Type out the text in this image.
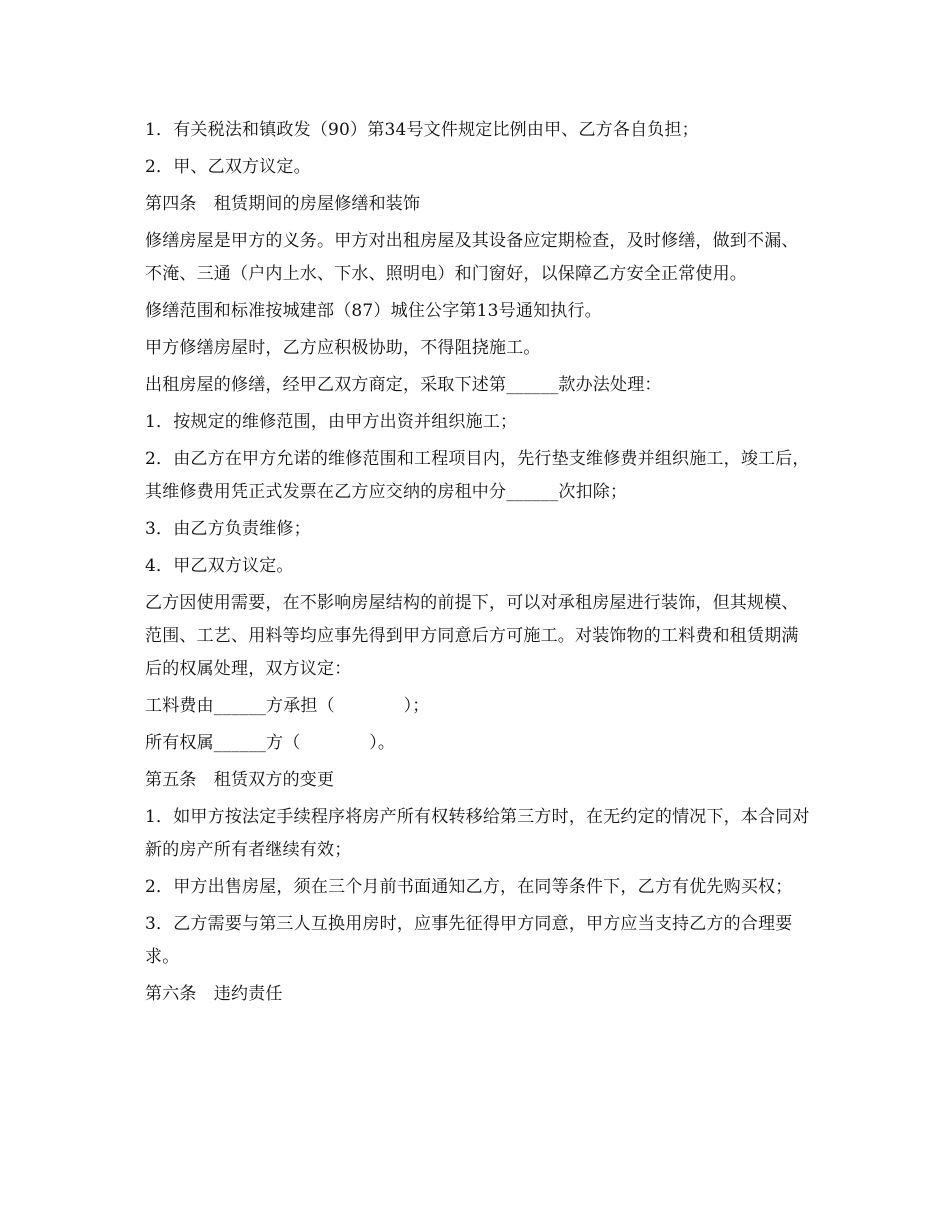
1．有关税法和镇政发（90）第34号文件规定比例由甲、乙方各自负担；

2．甲、乙双方议定。

第四条　租赁期间的房屋修缮和装饰

修缮房屋是甲方的义务。甲方对出租房屋及其设备应定期检查，及时修缮，做到不漏、不淹、三通（户内上水、下水、照明电）和门窗好，以保障乙方安全正常使用。

修缮范围和标准按城建部（87）城住公字第13号通知执行。

甲方修缮房屋时，乙方应积极协助，不得阻挠施工。

出租房屋的修缮，经甲乙双方商定，采取下述第______款办法处理：

1．按规定的维修范围，由甲方出资并组织施工；

2．由乙方在甲方允诺的维修范围和工程项目内，先行垫支维修费并组织施工，竣工后，其维修费用凭正式发票在乙方应交纳的房租中分______次扣除；

3．由乙方负责维修；

4．甲乙双方议定。

乙方因使用需要，在不影响房屋结构的前提下，可以对承租房屋进行装饰，但其规模、范围、工艺、用料等均应事先得到甲方同意后方可施工。对装饰物的工料费和租赁期满后的权属处理，双方议定：

工料费由______方承担（　　　　）；

所有权属______方（　　　　）。

第五条　租赁双方的变更

1．如甲方按法定手续程序将房产所有权转移给第三方时，在无约定的情况下，本合同对新的房产所有者继续有效；

2．甲方出售房屋，须在三个月前书面通知乙方，在同等条件下，乙方有优先购买权；

3．乙方需要与第三人互换用房时，应事先征得甲方同意，甲方应当支持乙方的合理要求。

第六条　违约责任
